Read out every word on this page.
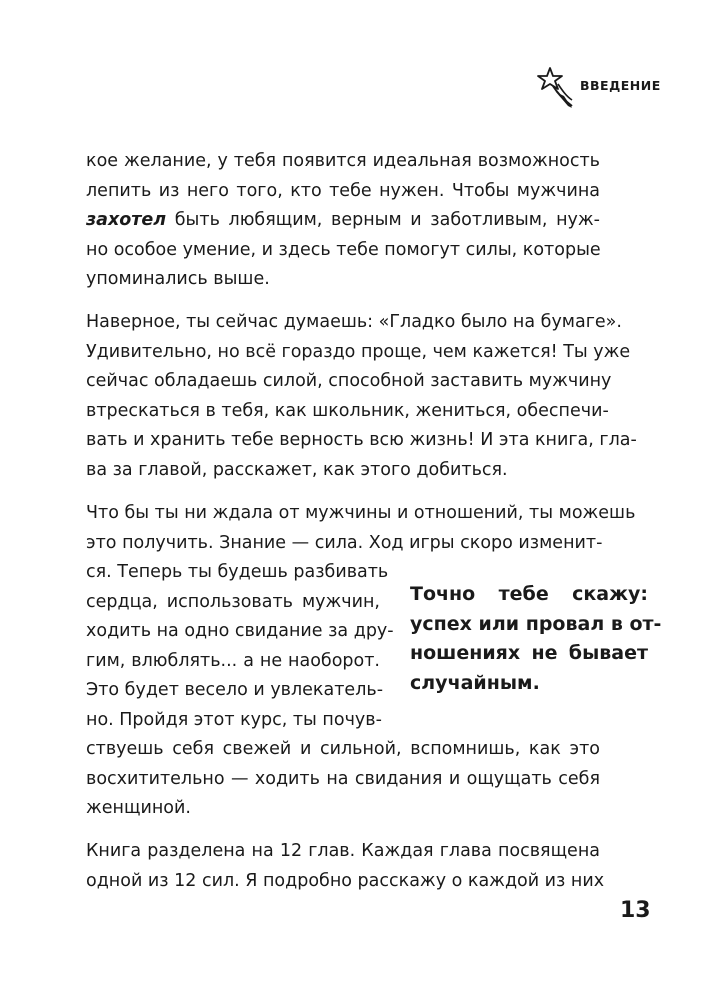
ВВЕДЕНИЕ
кое желание, у тебя появится идеальная возможность
лепить из него того, кто тебе нужен. Чтобы мужчина
захотел быть любящим, верным и заботливым, нуж-
но особое умение, и здесь тебе помогут силы, которые
упоминались выше.
Наверное, ты сейчас думаешь: «Гладко было на бумаге».
Удивительно, но всё гораздо проще, чем кажется! Ты уже
сейчас обладаешь силой, способной заставить мужчину
втрескаться в тебя, как школьник, жениться, обеспечи-
вать и хранить тебе верность всю жизнь! И эта книга, гла-
ва за главой, расскажет, как этого добиться.
Что бы ты ни ждала от мужчины и отношений, ты можешь
это получить. Знание — сила. Ход игры скоро изменит-
ся. Теперь ты будешь разбивать
сердца, использовать мужчин,
ходить на одно свидание за дру-
гим, влюблять... а не наоборот.
Это будет весело и увлекатель-
но. Пройдя этот курс, ты почув-
ствуешь себя свежей и сильной, вспомнишь, как это
восхитительно — ходить на свидания и ощущать себя
женщиной.
Точно тебе скажу:
успех или провал в от-
ношениях не бывает
случайным.
Книга разделена на 12 глав. Каждая глава посвящена
одной из 12 сил. Я подробно расскажу о каждой из них
13
